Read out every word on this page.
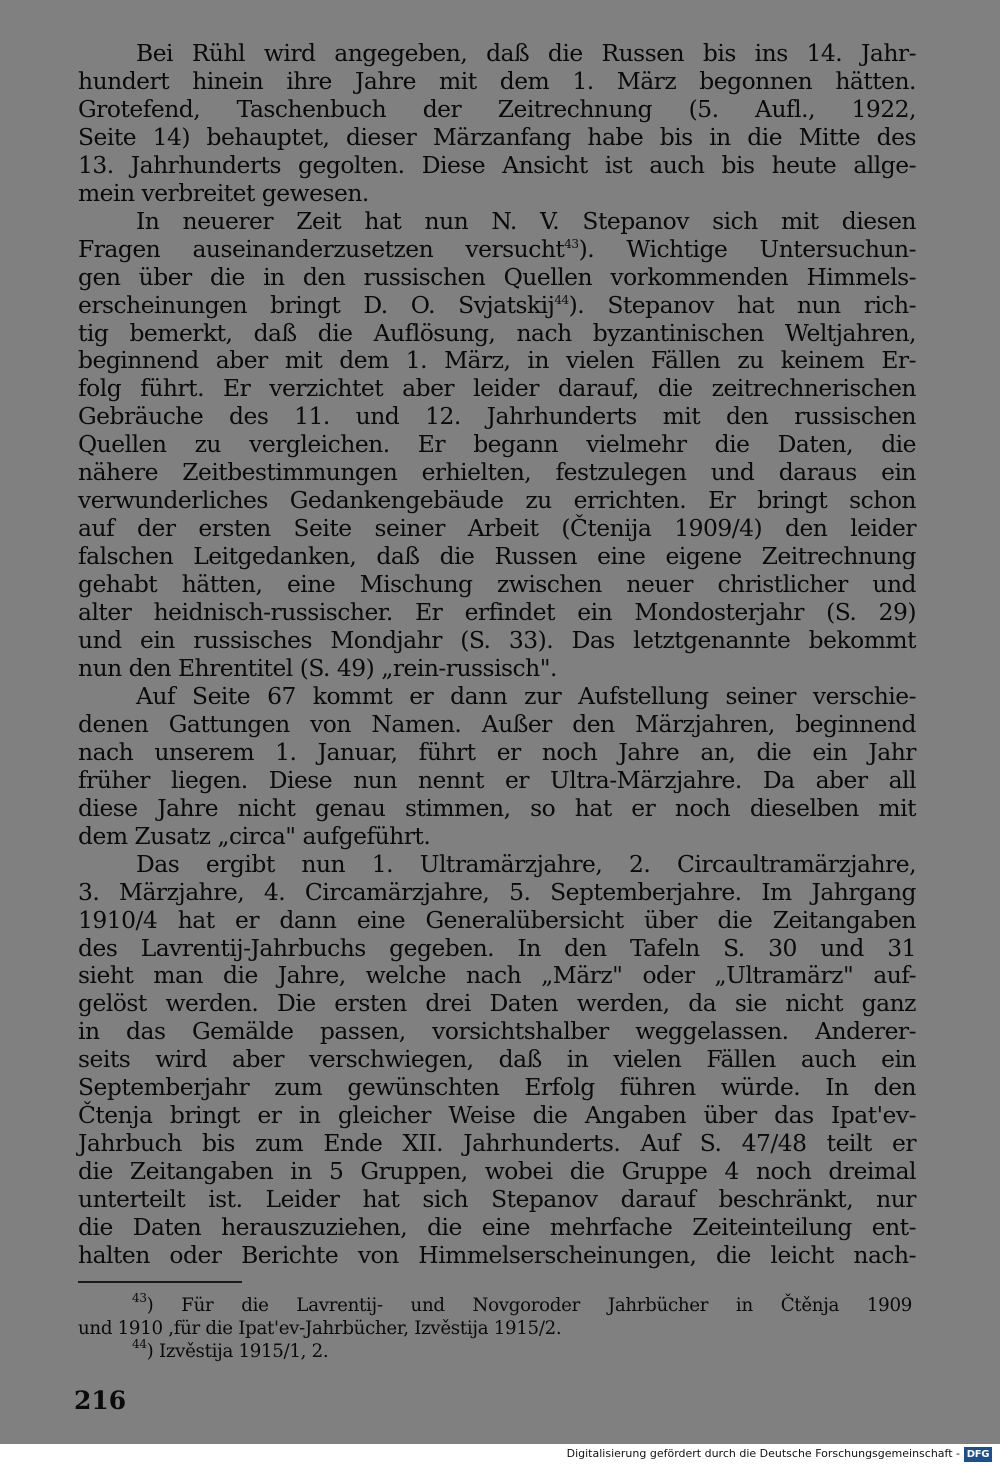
Bei Rühl wird angegeben, daß die Russen bis ins 14. Jahr-
hundert hinein ihre Jahre mit dem 1. März begonnen hätten.
Grotefend, Taschenbuch der Zeitrechnung (5. Aufl., 1922,
Seite 14) behauptet, dieser Märzanfang habe bis in die Mitte des
13. Jahrhunderts gegolten. Diese Ansicht ist auch bis heute allge-
mein verbreitet gewesen.
In neuerer Zeit hat nun N. V. Stepanov sich mit diesen
Fragen auseinanderzusetzen versucht$^{43}$). Wichtige Untersuchun-
gen über die in den russischen Quellen vorkommenden Himmels-
erscheinungen bringt D. O. Svjatskij$^{44}$). Stepanov hat nun rich-
tig bemerkt, daß die Auflösung, nach byzantinischen Weltjahren,
beginnend aber mit dem 1. März, in vielen Fällen zu keinem Er-
folg führt. Er verzichtet aber leider darauf, die zeitrechnerischen
Gebräuche des 11. und 12. Jahrhunderts mit den russischen
Quellen zu vergleichen. Er begann vielmehr die Daten, die
nähere Zeitbestimmungen erhielten, festzulegen und daraus ein
verwunderliches Gedankengebäude zu errichten. Er bringt schon
auf der ersten Seite seiner Arbeit (Čtenija 1909/4) den leider
falschen Leitgedanken, daß die Russen eine eigene Zeitrechnung
gehabt hätten, eine Mischung zwischen neuer christlicher und
alter heidnisch-russischer. Er erfindet ein Mondosterjahr (S. 29)
und ein russisches Mondjahr (S. 33). Das letztgenannte bekommt
nun den Ehrentitel (S. 49) „rein-russisch".
Auf Seite 67 kommt er dann zur Aufstellung seiner verschie-
denen Gattungen von Namen. Außer den Märzjahren, beginnend
nach unserem 1. Januar, führt er noch Jahre an, die ein Jahr
früher liegen. Diese nun nennt er Ultra-Märzjahre. Da aber all
diese Jahre nicht genau stimmen, so hat er noch dieselben mit
dem Zusatz „circa" aufgeführt.
Das ergibt nun 1. Ultramärzjahre, 2. Circaultramärzjahre,
3. Märzjahre, 4. Circamärzjahre, 5. Septemberjahre. Im Jahrgang
1910/4 hat er dann eine Generalübersicht über die Zeitangaben
des Lavrentij-Jahrbuchs gegeben. In den Tafeln S. 30 und 31
sieht man die Jahre, welche nach „März" oder „Ultramärz" auf-
gelöst werden. Die ersten drei Daten werden, da sie nicht ganz
in das Gemälde passen, vorsichtshalber weggelassen. Anderer-
seits wird aber verschwiegen, daß in vielen Fällen auch ein
Septemberjahr zum gewünschten Erfolg führen würde. In den
Čtenja bringt er in gleicher Weise die Angaben über das Ipat'ev-
Jahrbuch bis zum Ende XII. Jahrhunderts. Auf S. 47/48 teilt er
die Zeitangaben in 5 Gruppen, wobei die Gruppe 4 noch dreimal
unterteilt ist. Leider hat sich Stepanov darauf beschränkt, nur
die Daten herauszuziehen, die eine mehrfache Zeiteinteilung ent-
halten oder Berichte von Himmelserscheinungen, die leicht nach-
$^{43}$) Für die Lavrentij- und Novgoroder Jahrbücher in Čtěnja 1909
und 1910 ,für die Ipat'ev-Jahrbücher, Izvěstija 1915/2.
$^{44}$) Izvěstija 1915/1, 2.
216
Digitalisierung gefördert durch die Deutsche Forschungsgemeinschaft - DFG
